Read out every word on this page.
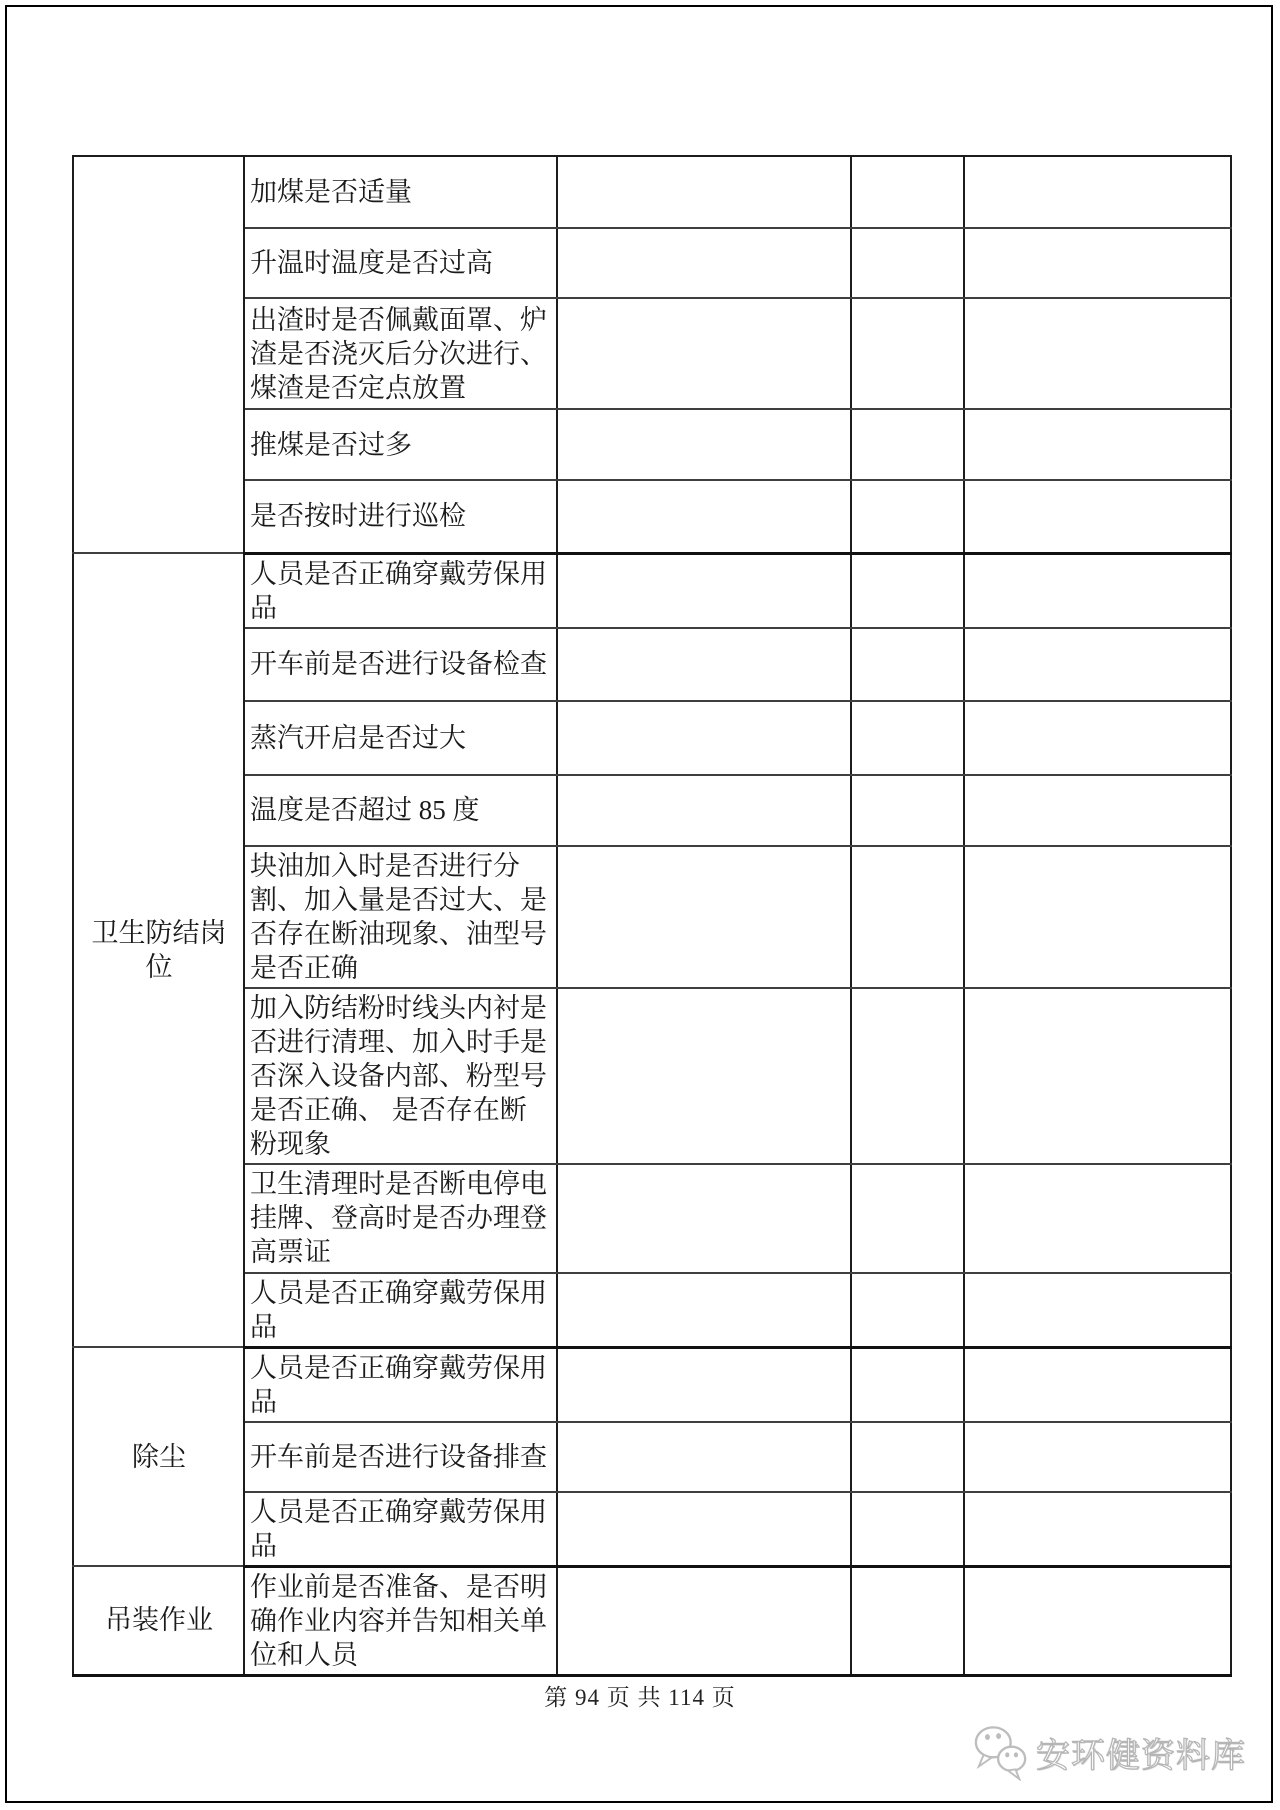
	加煤是否适量			
	升温时温度是否过高			
	出渣时是否佩戴面罩、炉渣是否浇灭后分次进行、煤渣是否定点放置			
	推煤是否过多			
	是否按时进行巡检			
卫生防结岗位	人员是否正确穿戴劳保用品			
	开车前是否进行设备检查			
	蒸汽开启是否过大			
	温度是否超过 85 度			
	块油加入时是否进行分割、加入量是否过大、是否存在断油现象、油型号是否正确			
	加入防结粉时线头内衬是否进行清理、加入时手是否深入设备内部、粉型号是否正确、 是否存在断粉现象			
	卫生清理时是否断电停电挂牌、登高时是否办理登高票证			
	人员是否正确穿戴劳保用品			
除尘	人员是否正确穿戴劳保用品			
	开车前是否进行设备排查			
	人员是否正确穿戴劳保用品			
吊装作业	作业前是否准备、是否明确作业内容并告知相关单位和人员			
第 94 页 共 114 页
安环健资料库
